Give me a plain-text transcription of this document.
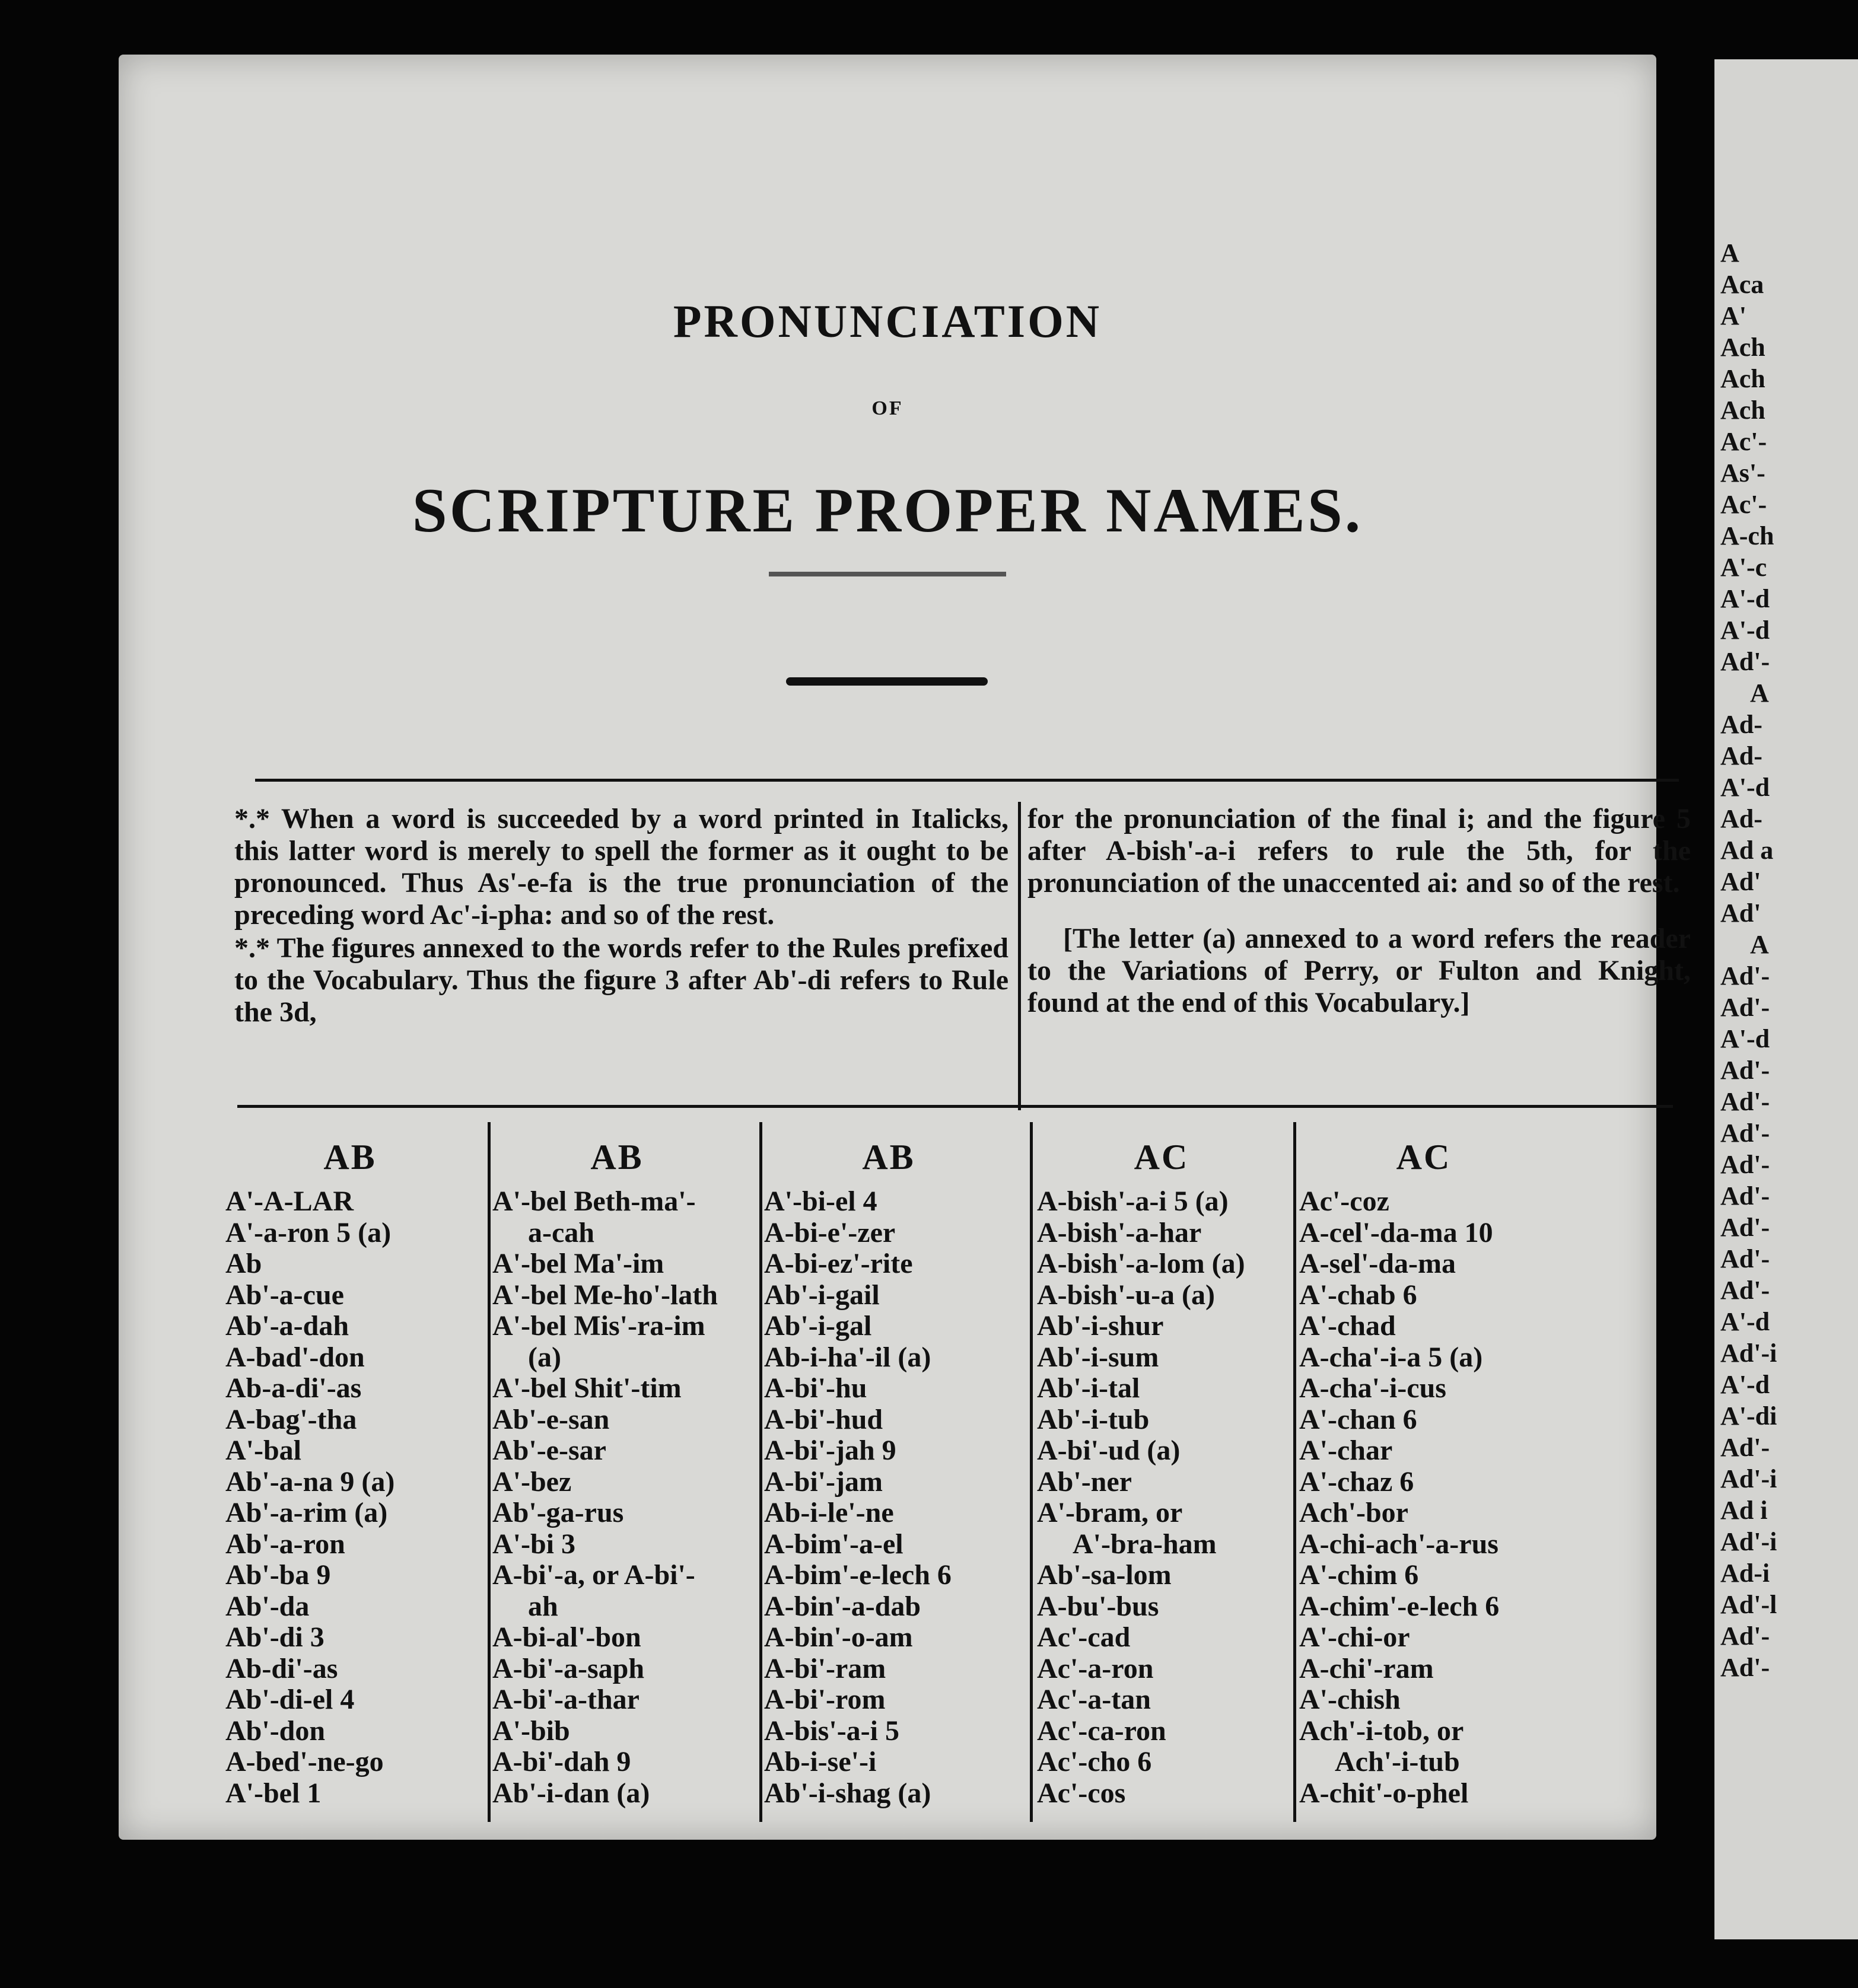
PRONUNCIATION
OF
SCRIPTURE PROPER NAMES.

*.* When a word is succeeded by a word printed in Italicks, this latter word is merely to spell the former as it ought to be pronounced. Thus As'-e-fa is the true pronunciation of the preceding word Ac'-i-pha: and so of the rest.

*.* The figures annexed to the words refer to the Rules prefixed to the Vocabulary. Thus the figure 3 after Ab'-di refers to Rule the 3d,

for the pronunciation of the final i; and the figure 5 after A-bish'-a-i refers to rule the 5th, for the pronunciation of the unaccented ai: and so of the rest.

[The letter (a) annexed to a word refers the reader to the Variations of Perry, or Fulton and Knight, found at the end of this Vocabulary.]

AB
A'-A-LAR
A'-a-ron 5 (a)
Ab
Ab'-a-cue
Ab'-a-dah
A-bad'-don
Ab-a-di'-as
A-bag'-tha
A'-bal
Ab'-a-na 9 (a)
Ab'-a-rim (a)
Ab'-a-ron
Ab'-ba 9
Ab'-da
Ab'-di 3
Ab-di'-as
Ab'-di-el 4
Ab'-don
A-bed'-ne-go
A'-bel 1
AB
A'-bel Beth-ma'-
a-cah
A'-bel Ma'-im
A'-bel Me-ho'-lath
A'-bel Mis'-ra-im
(a)
A'-bel Shit'-tim
Ab'-e-san
Ab'-e-sar
A'-bez
Ab'-ga-rus
A'-bi 3
A-bi'-a, or A-bi'-
ah
A-bi-al'-bon
A-bi'-a-saph
A-bi'-a-thar
A'-bib
A-bi'-dah 9
Ab'-i-dan (a)
AB
A'-bi-el 4
A-bi-e'-zer
A-bi-ez'-rite
Ab'-i-gail
Ab'-i-gal
Ab-i-ha'-il (a)
A-bi'-hu
A-bi'-hud
A-bi'-jah 9
A-bi'-jam
Ab-i-le'-ne
A-bim'-a-el
A-bim'-e-lech 6
A-bin'-a-dab
A-bin'-o-am
A-bi'-ram
A-bi'-rom
A-bis'-a-i 5
Ab-i-se'-i
Ab'-i-shag (a)
AC
A-bish'-a-i 5 (a)
A-bish'-a-har
A-bish'-a-lom (a)
A-bish'-u-a (a)
Ab'-i-shur
Ab'-i-sum
Ab'-i-tal
Ab'-i-tub
A-bi'-ud (a)
Ab'-ner
A'-bram, or
A'-bra-ham
Ab'-sa-lom
A-bu'-bus
Ac'-cad
Ac'-a-ron
Ac'-a-tan
Ac'-ca-ron
Ac'-cho 6
Ac'-cos
AC
Ac'-coz
A-cel'-da-ma 10
A-sel'-da-ma
A'-chab 6
A'-chad
A-cha'-i-a 5 (a)
A-cha'-i-cus
A'-chan 6
A'-char
A'-chaz 6
Ach'-bor
A-chi-ach'-a-rus
A'-chim 6
A-chim'-e-lech 6
A'-chi-or
A-chi'-ram
A'-chish
Ach'-i-tob, or
Ach'-i-tub
A-chit'-o-phel
A
Aca
A'
Ach
Ach
Ach
Ac'-
As'-
Ac'-
A-ch
A'-c
A'-d
A'-d
Ad'-
A
Ad-
Ad-
A'-d
Ad-
Ad a
Ad'
Ad'
A
Ad'-
Ad'-
A'-d
Ad'-
Ad'-
Ad'-
Ad'-
Ad'-
Ad'-
Ad'-
Ad'-
A'-d
Ad'-i
A'-d
A'-di
Ad'-
Ad'-i
Ad i
Ad'-i
Ad-i
Ad'-l
Ad'-
Ad'-
